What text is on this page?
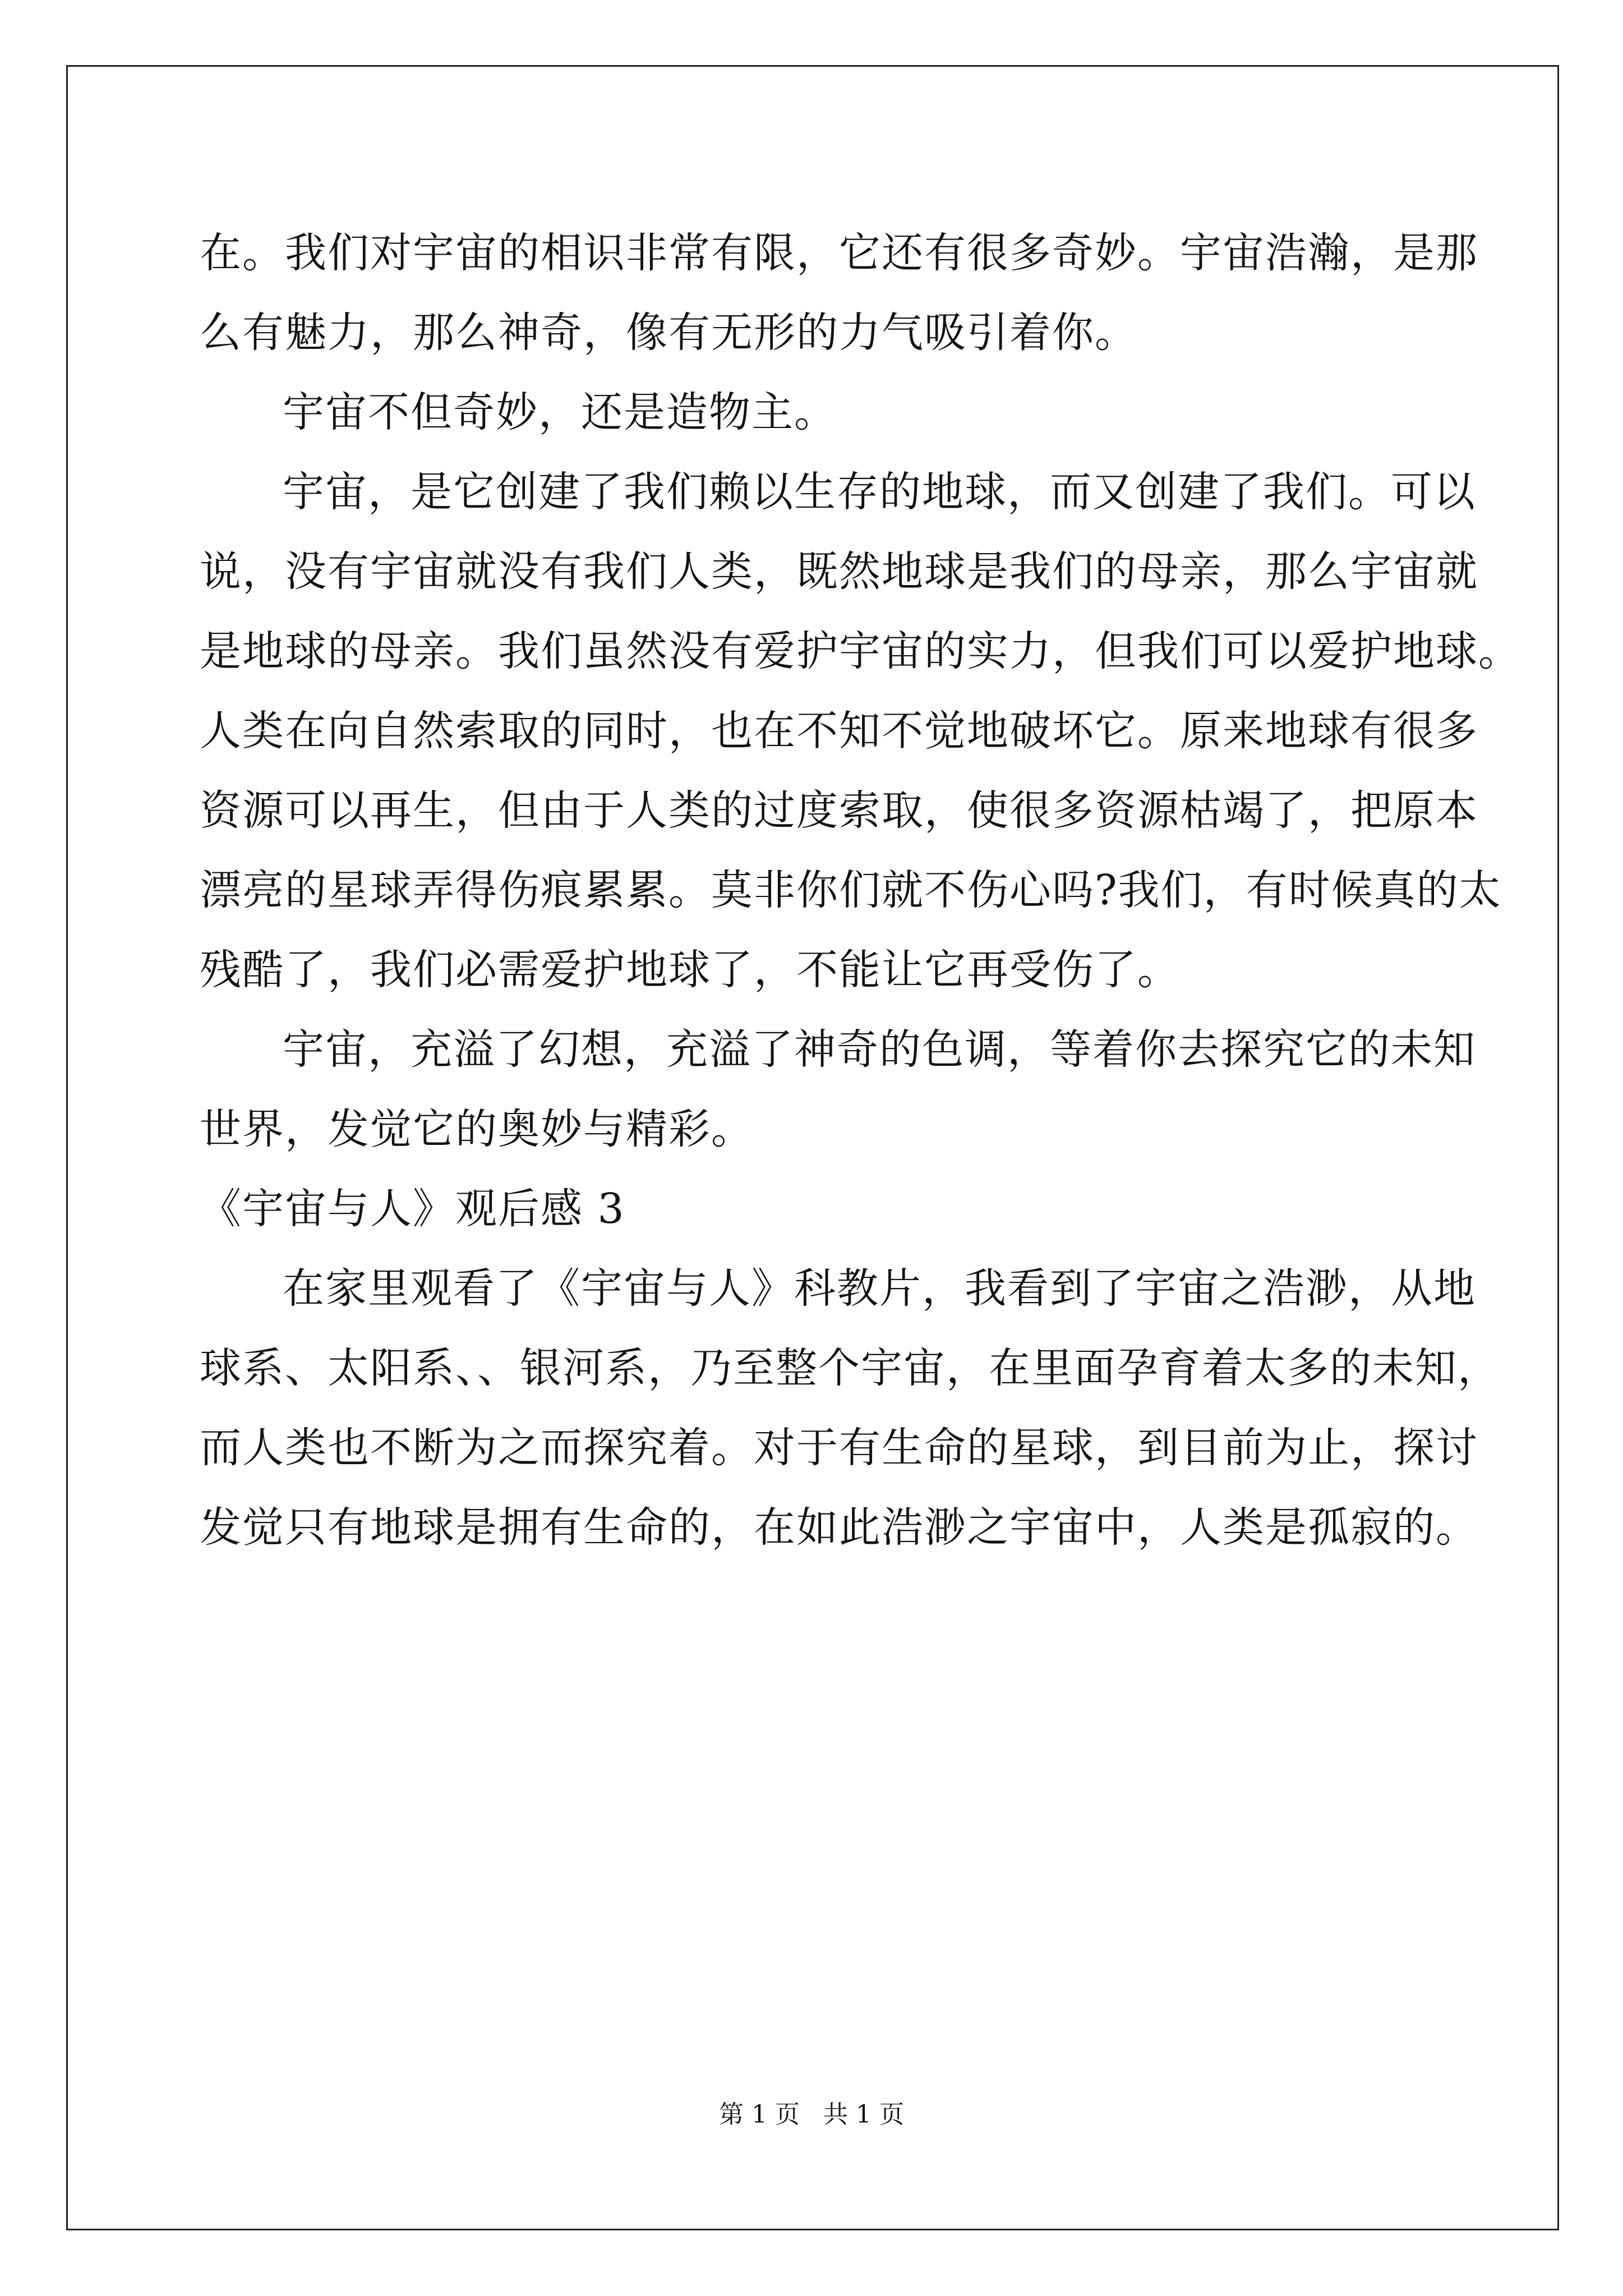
在。我们对宇宙的相识非常有限，它还有很多奇妙。宇宙浩瀚，是那
么有魅力，那么神奇，像有无形的力气吸引着你。
宇宙不但奇妙，还是造物主。
宇宙，是它创建了我们赖以生存的地球，而又创建了我们。可以
说，没有宇宙就没有我们人类，既然地球是我们的母亲，那么宇宙就
是地球的母亲。我们虽然没有爱护宇宙的实力，但我们可以爱护地球。
人类在向自然索取的同时，也在不知不觉地破坏它。原来地球有很多
资源可以再生，但由于人类的过度索取，使很多资源枯竭了，把原本
漂亮的星球弄得伤痕累累。莫非你们就不伤心吗?我们，有时候真的太
残酷了，我们必需爱护地球了，不能让它再受伤了。
宇宙，充溢了幻想，充溢了神奇的色调，等着你去探究它的未知
世界，发觉它的奥妙与精彩。
《宇宙与人》观后感 3
在家里观看了《宇宙与人》科教片，我看到了宇宙之浩渺，从地
球系、太阳系、、银河系，乃至整个宇宙，在里面孕育着太多的未知，
而人类也不断为之而探究着。对于有生命的星球，到目前为止，探讨
发觉只有地球是拥有生命的，在如此浩渺之宇宙中，人类是孤寂的。
第 1 页   共 1 页
